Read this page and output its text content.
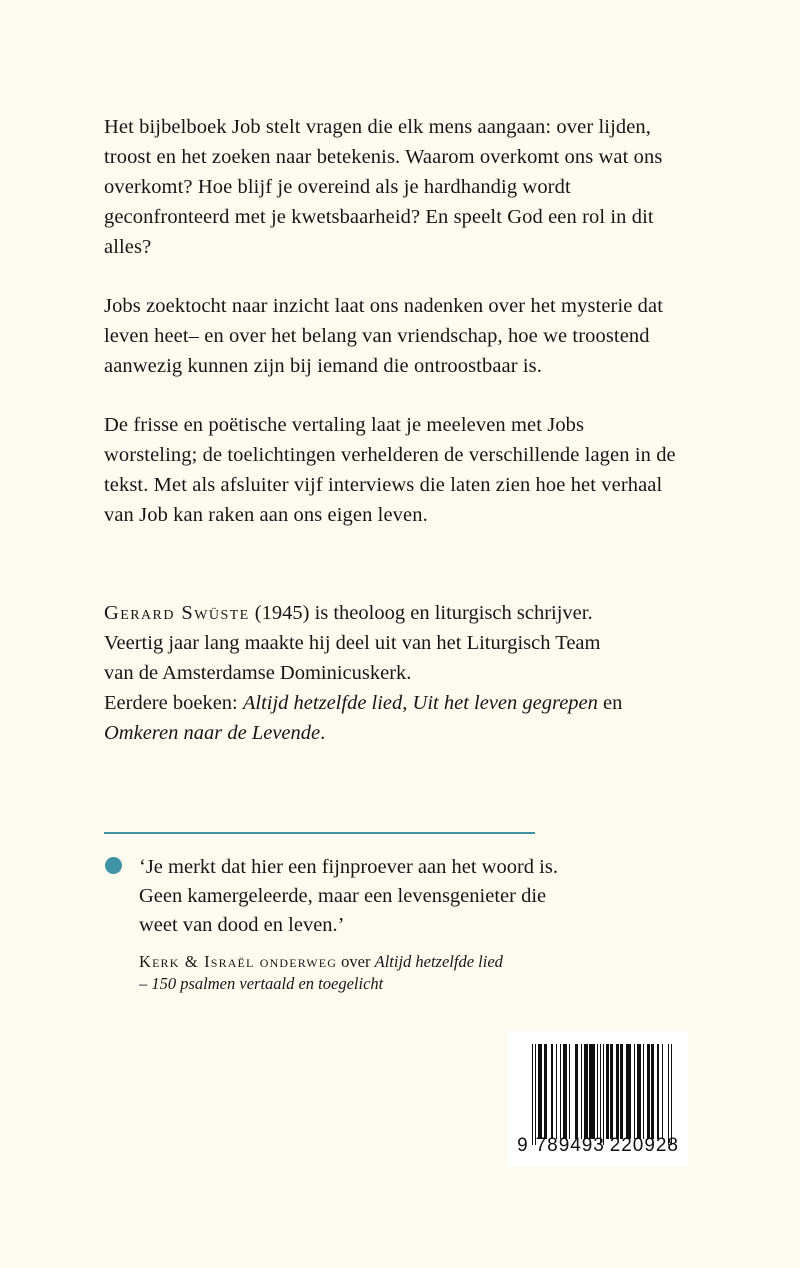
Het bijbelboek Job stelt vragen die elk mens aangaan: over lijden, troost en het zoeken naar betekenis. Waarom overkomt ons wat ons overkomt? Hoe blijf je overeind als je hardhandig wordt geconfronteerd met je kwetsbaarheid? En speelt God een rol in dit alles?

Jobs zoektocht naar inzicht laat ons nadenken over het mysterie dat leven heet– en over het belang van vriendschap, hoe we troostend aanwezig kunnen zijn bij iemand die ontroostbaar is.

De frisse en poëtische vertaling laat je meeleven met Jobs worsteling; de toelichtingen verhelderen de verschillende lagen in de tekst. Met als afsluiter vijf interviews die laten zien hoe het verhaal van Job kan raken aan ons eigen leven.

Gerard Swüste (1945) is theoloog en liturgisch schrijver.
Veertig jaar lang maakte hij deel uit van het Liturgisch Team
van de Amsterdamse Dominicuskerk.
Eerdere boeken: Altijd hetzelfde lied, Uit het leven gegrepen en Omkeren naar de Levende.
‘Je merkt dat hier een fijnproever aan het woord is. Geen kamergeleerde, maar een levensgenieter die weet van dood en leven.’
Kerk & Israël onderweg over Altijd hetzelfde lied
– 150 psalmen vertaald en toegelicht
9 789493 220928
